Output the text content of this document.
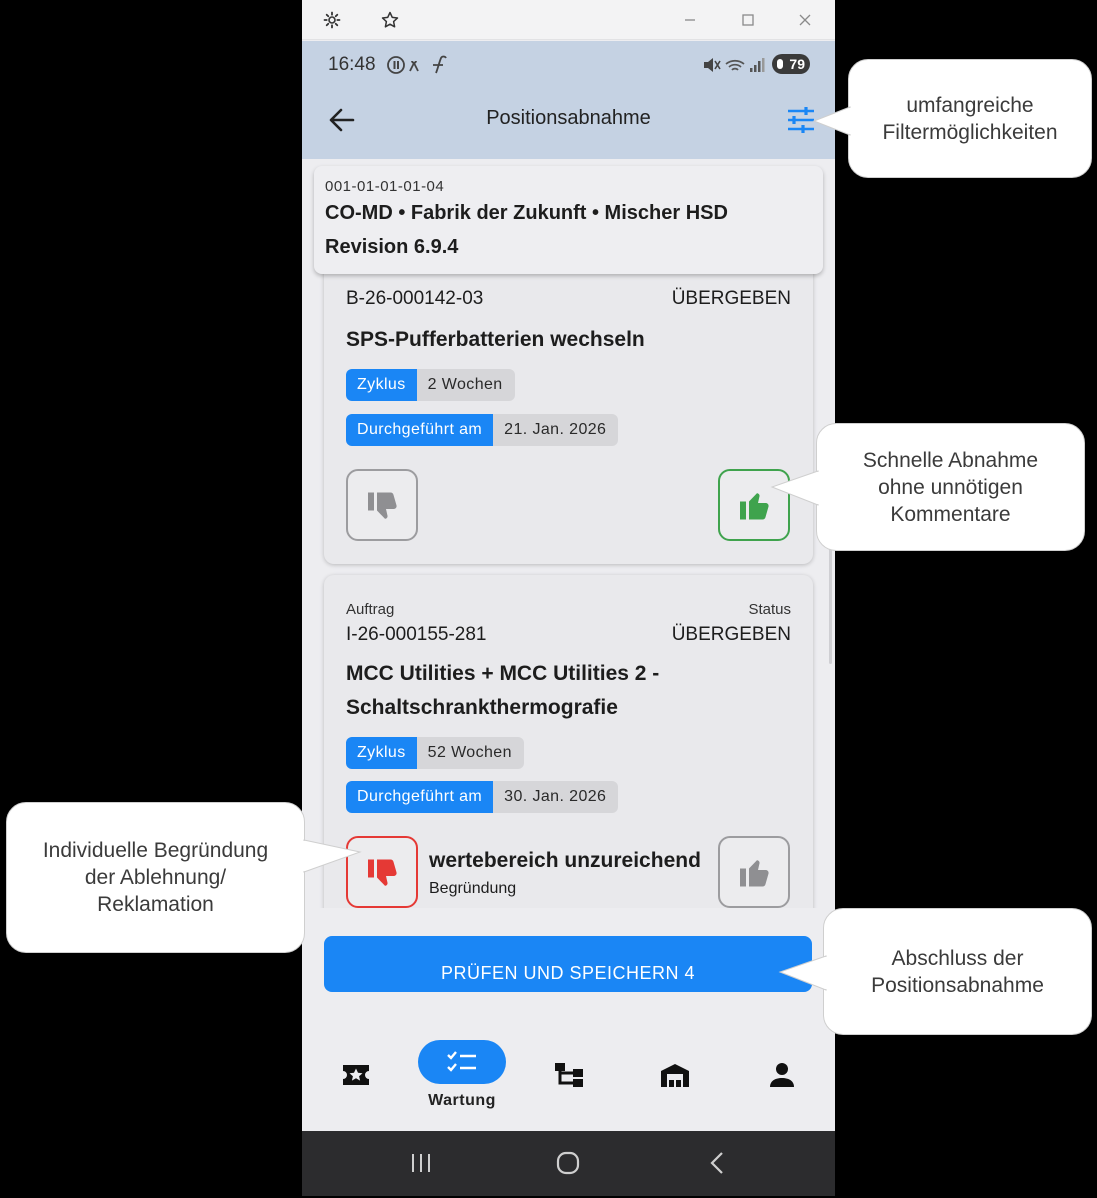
16:48	79
Positionsabnahme
001-01-01-01-04
CO-MD • Fabrik der Zukunft • Mischer HSD
Revision 6.9.4
B-26-000142-03	ÜBERGEBEN
SPS-Pufferbatterien wechseln
Zyklus	2 Wochen
Durchgeführt am	21. Jan. 2026
Auftrag	Status
I-26-000155-281	ÜBERGEBEN
MCC Utilities + MCC Utilities 2 -
Schaltschrankthermografie
Zyklus	52 Wochen
Durchgeführt am	30. Jan. 2026
wertebereich unzureichend
Begründung
PRÜFEN UND SPEICHERN 4
Wartung
umfangreiche
Filtermöglichkeiten
Schnelle Abnahme
ohne unnötigen
Kommentare
Individuelle Begründung
der Ablehnung/
Reklamation
Abschluss der
Positionsabnahme
